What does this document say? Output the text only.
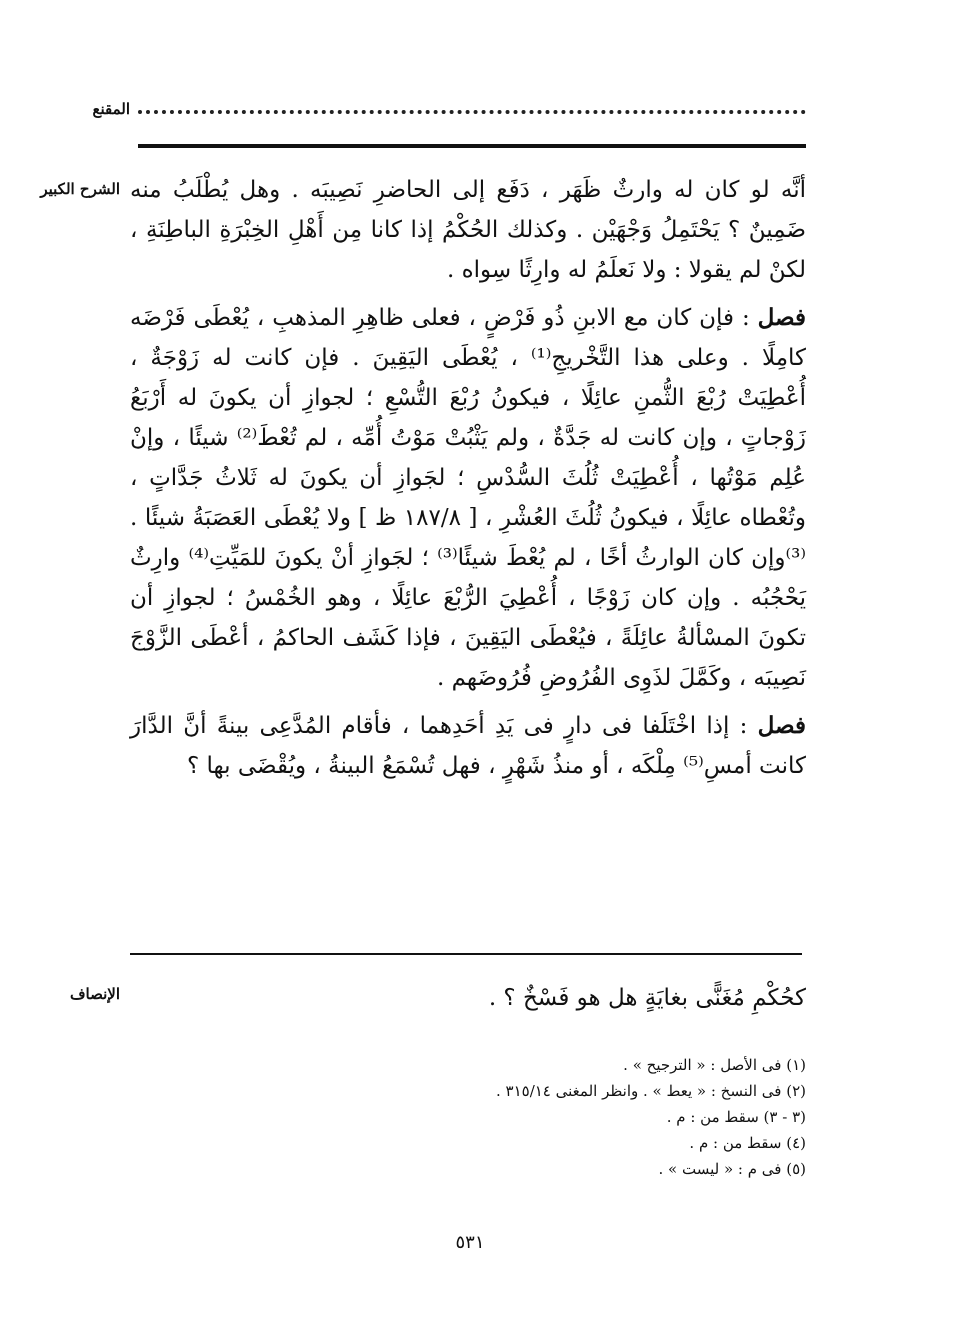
المقنع
الشرح الكبير أنَّه لو كان له وارثٌ ظَهَر ، دَفَع إلى الحاضرِ نَصِيبَه . وهل يُطْلَبُ منه ضَمِينٌ ؟ يَحْتَمِلُ وَجْهَيْن . وكذلك الحُكْمُ إذا كانا مِن أَهْلِ الخِبْرَةِ الباطِنَةِ ، لكنْ لم يقولا : ولا نَعلَمُ له وارِثًا سِواه .

فصل : فإن كان مع الابنِ ذُو فَرْضٍ ، فعلى ظاهِرِ المذهبِ ، يُعْطَى فَرْضَه كامِلًا . وعلى هذا التَّخْريجِ⁽¹⁾ ، يُعْطَى اليَقِينَ . فإن كانت له زَوْجَةٌ ، أُعْطِيَتْ رُبْعَ الثُّمنِ عائِلًا ، فيكونُ رُبْعَ التُّسْعِ ؛ لجوازِ أن يكونَ له أَرْبَعُ زَوْجاتٍ ، وإن كانت له جَدَّةٌ ، ولم يَثْبُتْ مَوْتُ أُمِّه ، لم تُعْطَ⁽²⁾ شيئًا ، وإنْ عُلِم مَوْتُها ، أُعْطِيَتْ ثُلُثَ السُّدْسِ ؛ لجَوازِ أن يكونَ له ثَلاثُ جَدَّاتٍ ، وتُعْطاه عائِلًا ، فيكونُ ثُلُثَ العُشْرِ ، [ ١٨٧/٨ ظ ] ولا يُعْطَى العَصَبَةُ شيئًا . ⁽³⁾وإن كان الوارثُ أخًا ، لم يُعْطَ شيئًا⁽³⁾ ؛ لجَوازِ أنْ يكونَ للمَيِّتِ⁽⁴⁾ وارِثٌ يَحْجُبُه . وإن كان زَوْجًا ، أُعْطِيَ الرُّبْعَ عائِلًا ، وهو الخُمْسُ ؛ لجوازِ أن تكونَ المسْألةُ عائِلَةً ، فيُعْطَى اليَقِينَ ، فإذا كَشَف الحاكمُ ، أعْطَى الزَّوْجَ نَصِيبَه ، وكَمَّلَ لذَوِى الفُرُوضِ فُرُوضَهم .

فصل : إذا اخْتَلَفا فى دارٍ فى يَدِ أحَدِهما ، فأقام المُدَّعِى بينةً أنَّ الدَّارَ كانت أمسِ⁽⁵⁾ مِلْكَه ، أو منذُ شَهْرٍ ، فهل تُسْمَعُ البينةُ ، ويُقْضَى بها ؟

الإنصاف	كحُكْمِ مُغَنًّى بغايَةٍ هل هو فَسْخٌ ؟ .
(١) فى الأصل : « الترجيح » .
(٢) فى النسخ : « يعط » . وانظر المغنى ٣١٥/١٤ .
(٣ - ٣) سقط من : م .
(٤) سقط من : م .
(٥) فى م : « ليست » .
٥٣١
